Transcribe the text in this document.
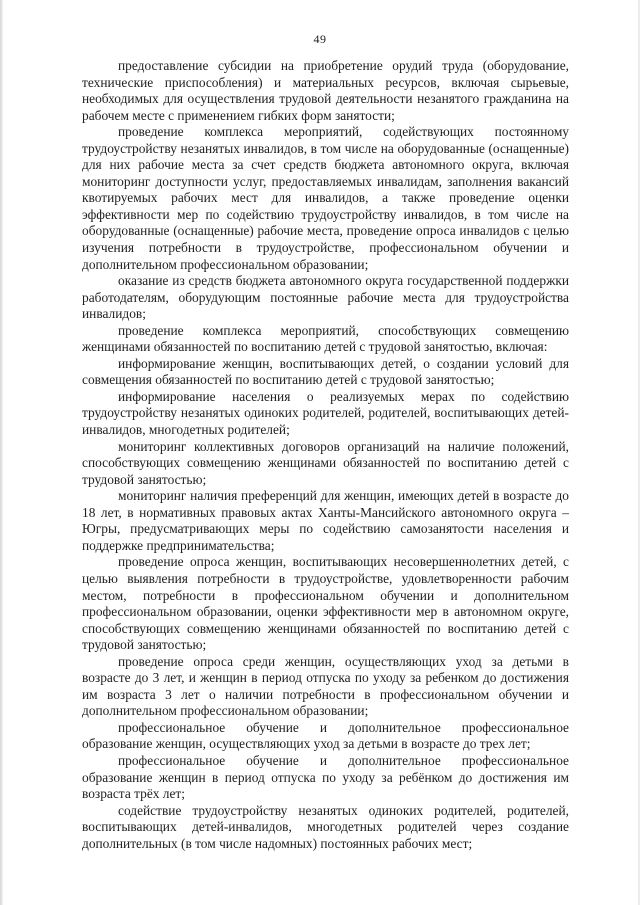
49

предоставление субсидии на приобретение орудий труда (оборудование, технические приспособления) и материальных ресурсов, включая сырьевые, необходимых для осуществления трудовой деятельности незанятого гражданина на рабочем месте с применением гибких форм занятости;

проведение комплекса мероприятий, содействующих постоянному трудоустройству незанятых инвалидов, в том числе на оборудованные (оснащенные) для них рабочие места за счет средств бюджета автономного округа, включая мониторинг доступности услуг, предоставляемых инвалидам, заполнения вакансий квотируемых рабочих мест для инвалидов, а также проведение оценки эффективности мер по содействию трудоустройству инвалидов, в том числе на оборудованные (оснащенные) рабочие места, проведение опроса инвалидов с целью изучения потребности в трудоустройстве, профессиональном обучении и дополнительном профессиональном образовании;

оказание из средств бюджета автономного округа государственной поддержки работодателям, оборудующим постоянные рабочие места для трудоустройства инвалидов;

проведение комплекса мероприятий, способствующих совмещению женщинами обязанностей по воспитанию детей с трудовой занятостью, включая:

информирование женщин, воспитывающих детей, о создании условий для совмещения обязанностей по воспитанию детей с трудовой занятостью;

информирование населения о реализуемых мерах по содействию трудоустройству незанятых одиноких родителей, родителей, воспитывающих детей-инвалидов, многодетных родителей;

мониторинг коллективных договоров организаций на наличие положений, способствующих совмещению женщинами обязанностей по воспитанию детей с трудовой занятостью;

мониторинг наличия преференций для женщин, имеющих детей в возрасте до 18 лет, в нормативных правовых актах Ханты-Мансийского автономного округа – Югры, предусматривающих меры по содействию самозанятости населения и поддержке предпринимательства;

проведение опроса женщин, воспитывающих несовершеннолетних детей, с целью выявления потребности в трудоустройстве, удовлетворенности рабочим местом, потребности в профессиональном обучении и дополнительном профессиональном образовании, оценки эффективности мер в автономном округе, способствующих совмещению женщинами обязанностей по воспитанию детей с трудовой занятостью;

проведение опроса среди женщин, осуществляющих уход за детьми в возрасте до 3 лет, и женщин в период отпуска по уходу за ребенком до достижения им возраста 3 лет о наличии потребности в профессиональном обучении и дополнительном профессиональном образовании;

профессиональное обучение и дополнительное профессиональное образование женщин, осуществляющих уход за детьми в возрасте до трех лет;

профессиональное обучение и дополнительное профессиональное образование женщин в период отпуска по уходу за ребёнком до достижения им возраста трёх лет;

содействие трудоустройству незанятых одиноких родителей, родителей, воспитывающих детей-инвалидов, многодетных родителей через создание дополнительных (в том числе надомных) постоянных рабочих мест;
